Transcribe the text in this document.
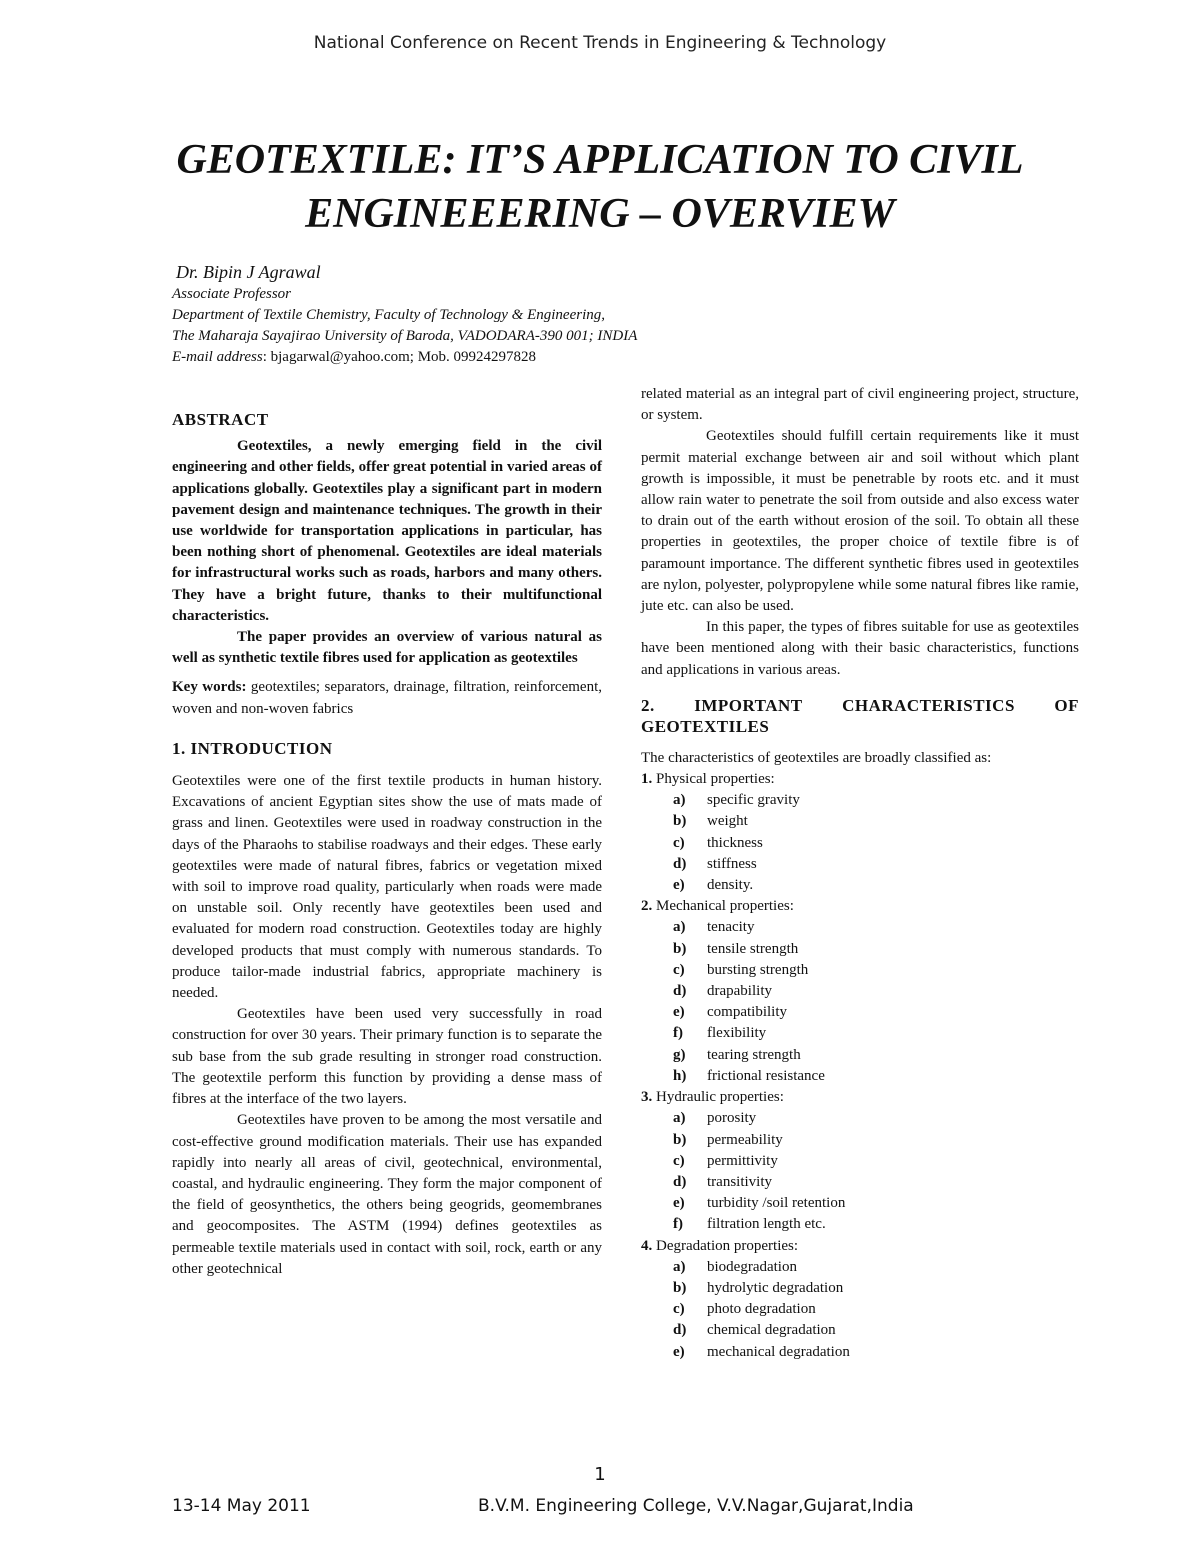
National Conference on Recent Trends in Engineering & Technology
GEOTEXTILE: IT’S APPLICATION TO CIVIL
ENGINEEERING – OVERVIEW
Dr. Bipin J Agrawal
Associate Professor
Department of Textile Chemistry, Faculty of Technology & Engineering,
The Maharaja Sayajirao University of Baroda, VADODARA-390 001; INDIA
E-mail address: bjagarwal@yahoo.com; Mob. 09924297828
ABSTRACT

Geotextiles, a newly emerging field in the civil engineering and other fields, offer great potential in varied areas of applications globally. Geotextiles play a significant part in modern pavement design and maintenance techniques. The growth in their use worldwide for transportation applications in particular, has been nothing short of phenomenal. Geotextiles are ideal materials for infrastructural works such as roads, harbors and many others. They have a bright future, thanks to their multifunctional characteristics.

The paper provides an overview of various natural as well as synthetic textile fibres used for application as geotextiles

Key words: geotextiles; separators, drainage, filtration, reinforcement, woven and non-woven fabrics

1. INTRODUCTION

Geotextiles were one of the first textile products in human history. Excavations of ancient Egyptian sites show the use of mats made of grass and linen. Geotextiles were used in roadway construction in the days of the Pharaohs to stabilise roadways and their edges. These early geotextiles were made of natural fibres, fabrics or vegetation mixed with soil to improve road quality, particularly when roads were made on unstable soil. Only recently have geotextiles been used and evaluated for modern road construction. Geotextiles today are highly developed products that must comply with numerous standards. To produce tailor-made industrial fabrics, appropriate machinery is needed.

Geotextiles have been used very successfully in road construction for over 30 years. Their primary function is to separate the sub base from the sub grade resulting in stronger road construction. The geotextile perform this function by providing a dense mass of fibres at the interface of the two layers.

Geotextiles have proven to be among the most versatile and cost-effective ground modification materials. Their use has expanded rapidly into nearly all areas of civil, geotechnical, environmental, coastal, and hydraulic engineering. They form the major component of the field of geosynthetics, the others being geogrids, geomembranes and geocomposites. The ASTM (1994) defines geotextiles as permeable textile materials used in contact with soil, rock, earth or any other geotechnical

related material as an integral part of civil engineering project, structure, or system.

Geotextiles should fulfill certain requirements like it must permit material exchange between air and soil without which plant growth is impossible, it must be penetrable by roots etc. and it must allow rain water to penetrate the soil from outside and also excess water to drain out of the earth without erosion of the soil. To obtain all these properties in geotextiles, the proper choice of textile fibre is of paramount importance. The different synthetic fibres used in geotextiles are nylon, polyester, polypropylene while some natural fibres like ramie, jute etc. can also be used.

In this paper, the types of fibres suitable for use as geotextiles have been mentioned along with their basic characteristics, functions and applications in various areas.

2. IMPORTANT CHARACTERISTICS OF
GEOTEXTILES

The characteristics of geotextiles are broadly classified as:

1. Physical properties:

a)	specific gravity
b)	weight
c)	thickness
d)	stiffness
e)	density.

2. Mechanical properties:

a)	tenacity
b)	tensile strength
c)	bursting strength
d)	drapability
e)	compatibility
f)	flexibility
g)	tearing strength
h)	frictional resistance

3. Hydraulic properties:

a)	porosity
b)	permeability
c)	permittivity
d)	transitivity
e)	turbidity /soil retention
f)	filtration length etc.

4. Degradation properties:

a)	biodegradation
b)	hydrolytic degradation
c)	photo degradation
d)	chemical degradation
e)	mechanical degradation
1
13-14 May 2011	B.V.M. Engineering College, V.V.Nagar,Gujarat,India
